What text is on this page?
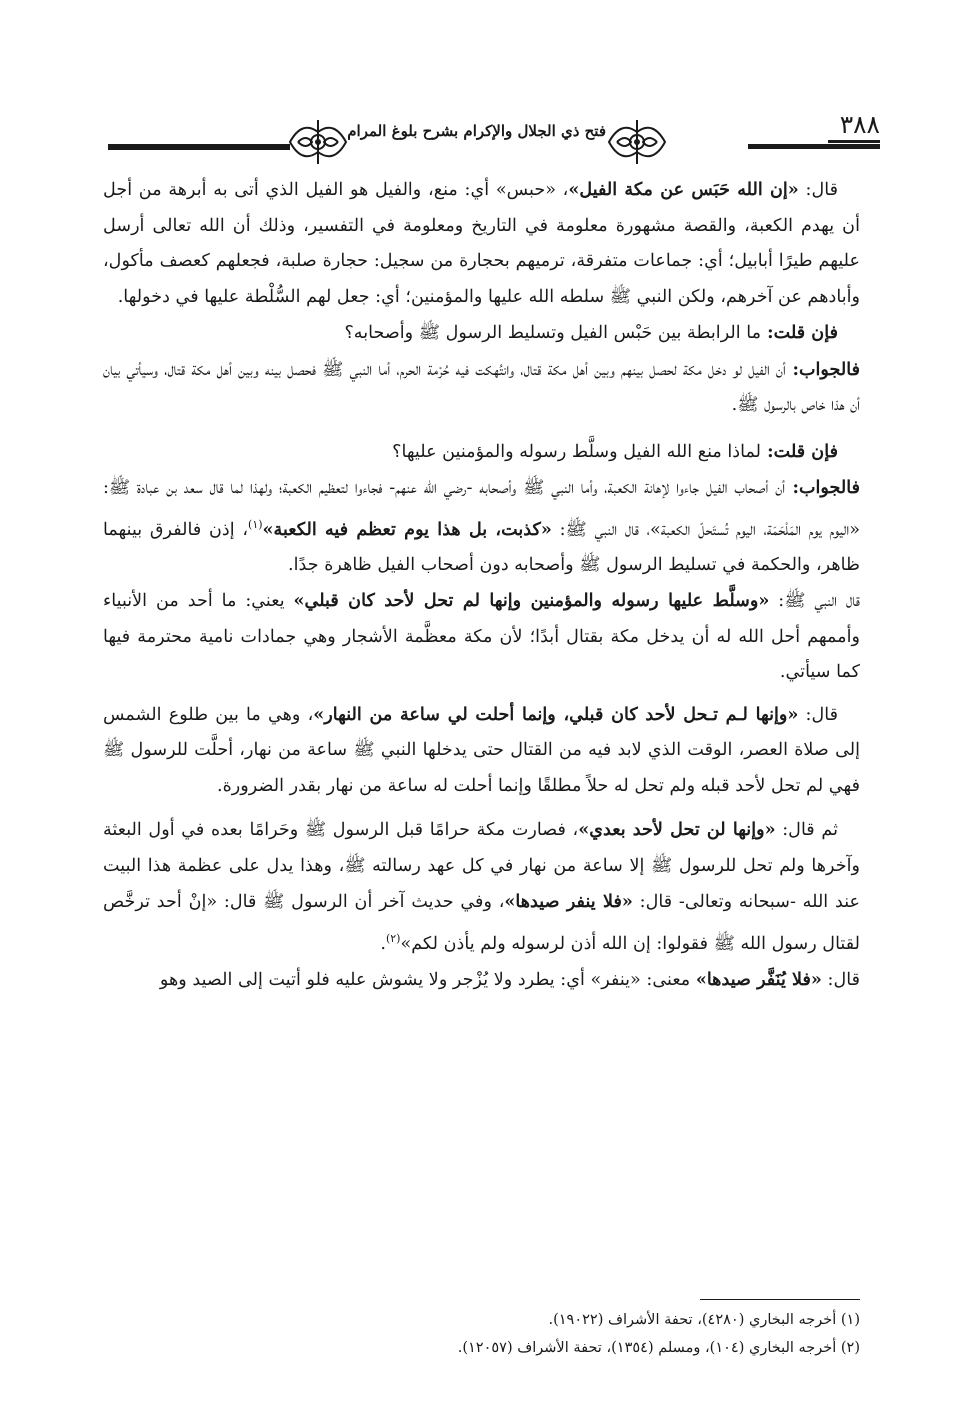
٣٨٨
فتح ذي الجلال والإكرام بشرح بلوغ المرام

قال: «إن الله حَبَس عن مكة الفيل»، «حبس» أي: منع، والفيل هو الفيل الذي أتى به أبرهة من أجل أن يهدم الكعبة، والقصة مشهورة معلومة في التاريخ ومعلومة في التفسير، وذلك أن الله تعالى أرسل عليهم طيرًا أبابيل؛ أي: جماعات متفرقة، ترميهم بحجارة من سجيل: حجارة صلبة، فجعلهم كعصف مأكول، وأبادهم عن آخرهم، ولكن النبي ﷺ سلطه الله عليها والمؤمنين؛ أي: جعل لهم السُّلْطة عليها في دخولها.

فإن قلت: ما الرابطة بين حَبْس الفيل وتسليط الرسول ﷺ وأصحابه؟

فالجواب: أن الفيل لو دخل مكة لحصل بينهم وبين أهل مكة قتال، وانتُهكت فيه حُرْمة الحرم، أما النبي ﷺ فحصل بينه وبين أهل مكة قتال، وسيأتي بيان أن هذا خاص بالرسول ﷺ.

فإن قلت: لماذا منع الله الفيل وسلَّط رسوله والمؤمنين عليها؟

فالجواب: أن أصحاب الفيل جاءوا لإهانة الكعبة، وأما النبي ﷺ وأصحابه -رضي الله عنهم- فجاءوا لتعظيم الكعبة؛ ولهذا لما قال سعد بن عبادة ﷺ: «اليوم يوم المَلْحَمَة، اليوم تُستَحلّ الكعبة»، قال النبي ﷺ: «كذبت، بل هذا يوم تعظم فيه الكعبة»$^{(١)}$، إذن فالفرق بينهما ظاهر، والحكمة في تسليط الرسول ﷺ وأصحابه دون أصحاب الفيل ظاهرة جدًا.

قال النبي ﷺ: «وسلَّط عليها رسوله والمؤمنين وإنها لم تحل لأحد كان قبلي» يعني: ما أحد من الأنبياء وأممهم أحل الله له أن يدخل مكة بقتال أبدًا؛ لأن مكة معظَّمة الأشجار وهي جمادات نامية محترمة فيها كما سيأتي.

قال: «وإنها لـم تـحل لأحد كان قبلي، وإنما أحلت لي ساعة من النهار»، وهي ما بين طلوع الشمس إلى صلاة العصر، الوقت الذي لابد فيه من القتال حتى يدخلها النبي ﷺ ساعة من نهار، أحلَّت للرسول ﷺ فهي لم تحل لأحد قبله ولم تحل له حلاً مطلقًا وإنما أحلت له ساعة من نهار بقدر الضرورة.

ثم قال: «وإنها لن تحل لأحد بعدي»، فصارت مكة حرامًا قبل الرسول ﷺ وحَرامًا بعده في أول البعثة وآخرها ولم تحل للرسول ﷺ إلا ساعة من نهار في كل عهد رسالته ﷺ، وهذا يدل على عظمة هذا البيت عند الله -سبحانه وتعالى- قال: «فلا ينفر صيدها»، وفي حديث آخر أن الرسول ﷺ قال: «إنْ أحد ترخَّص لقتال رسول الله ﷺ فقولوا: إن الله أذن لرسوله ولم يأذن لكم»$^{(٢)}$.

قال: «فلا يُنَفَّر صيدها» معنى: «ينفر» أي: يطرد ولا يُزْجر ولا يشوش عليه فلو أتيت إلى الصيد وهو

(١) أخرجه البخاري (٤٢٨٠)، تحفة الأشراف (١٩٠٢٢).
(٢) أخرجه البخاري (١٠٤)، ومسلم (١٣٥٤)، تحفة الأشراف (١٢٠٥٧).
